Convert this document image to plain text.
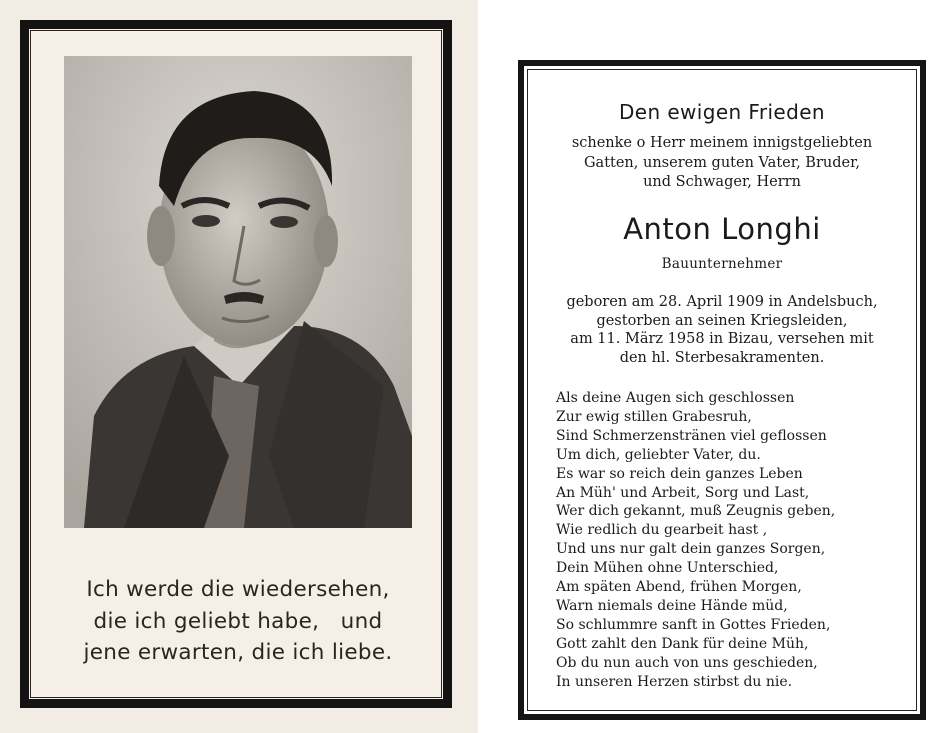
Ich werde die wiedersehen,
die ich geliebt habe,   und
jene erwarten, die ich liebe.
Den ewigen Frieden
schenke o Herr meinem innigstgeliebten
Gatten, unserem guten Vater, Bruder,
und Schwager, Herrn
Anton Longhi
Bauunternehmer
geboren am 28. April 1909 in Andelsbuch,
gestorben an seinen Kriegsleiden,
am 11. März 1958 in Bizau, versehen mit
den hl. Sterbesakramenten.
Als deine Augen sich geschlossen
Zur ewig stillen Grabesruh,
Sind Schmerzenstränen viel geflossen
Um dich, geliebter Vater, du.
Es war so reich dein ganzes Leben
An Müh' und Arbeit, Sorg und Last,
Wer dich gekannt, muß Zeugnis geben,
Wie redlich du gearbeit hast ,
Und uns nur galt dein ganzes Sorgen,
Dein Mühen ohne Unterschied,
Am späten Abend, frühen Morgen,
Warn niemals deine Hände müd,
So schlummre sanft in Gottes Frieden,
Gott zahlt den Dank für deine Müh,
Ob du nun auch von uns geschieden,
In unseren Herzen stirbst du nie.
